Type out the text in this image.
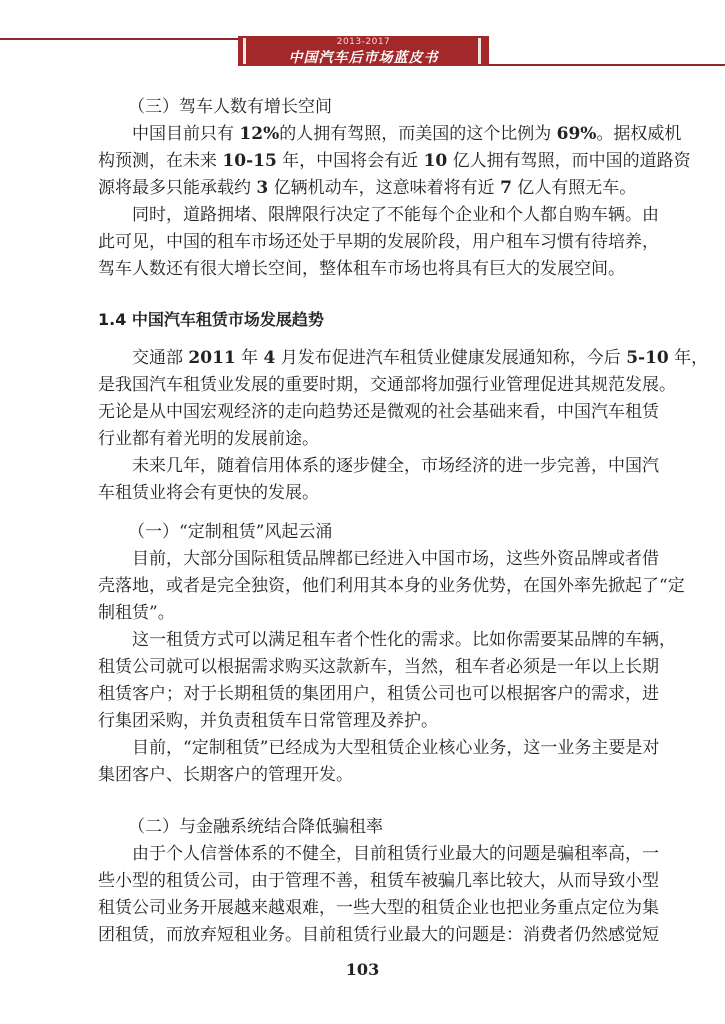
2013-2017
中国汽车后市场蓝皮书
（三）驾车人数有增长空间
中国目前只有 12%的人拥有驾照，而美国的这个比例为 69%。据权威机
构预测，在未来 10-15 年，中国将会有近 10 亿人拥有驾照，而中国的道路资
源将最多只能承载约 3 亿辆机动车，这意味着将有近 7 亿人有照无车。
同时，道路拥堵、限牌限行决定了不能每个企业和个人都自购车辆。由
此可见，中国的租车市场还处于早期的发展阶段，用户租车习惯有待培养，
驾车人数还有很大增长空间，整体租车市场也将具有巨大的发展空间。
1.4 中国汽车租赁市场发展趋势
交通部 2011 年 4 月发布促进汽车租赁业健康发展通知称，今后 5-10 年，
是我国汽车租赁业发展的重要时期，交通部将加强行业管理促进其规范发展。
无论是从中国宏观经济的走向趋势还是微观的社会基础来看，中国汽车租赁
行业都有着光明的发展前途。
未来几年，随着信用体系的逐步健全，市场经济的进一步完善，中国汽
车租赁业将会有更快的发展。
（一）“定制租赁”风起云涌
目前，大部分国际租赁品牌都已经进入中国市场，这些外资品牌或者借
壳落地，或者是完全独资，他们利用其本身的业务优势，在国外率先掀起了“定
制租赁”。
这一租赁方式可以满足租车者个性化的需求。比如你需要某品牌的车辆，
租赁公司就可以根据需求购买这款新车，当然，租车者必须是一年以上长期
租赁客户；对于长期租赁的集团用户，租赁公司也可以根据客户的需求，进
行集团采购，并负责租赁车日常管理及养护。
目前，“定制租赁”已经成为大型租赁企业核心业务，这一业务主要是对
集团客户、长期客户的管理开发。
（二）与金融系统结合降低骗租率
由于个人信誉体系的不健全，目前租赁行业最大的问题是骗租率高，一
些小型的租赁公司，由于管理不善，租赁车被骗几率比较大，从而导致小型
租赁公司业务开展越来越艰难，一些大型的租赁企业也把业务重点定位为集
团租赁，而放弃短租业务。目前租赁行业最大的问题是：消费者仍然感觉短
103
